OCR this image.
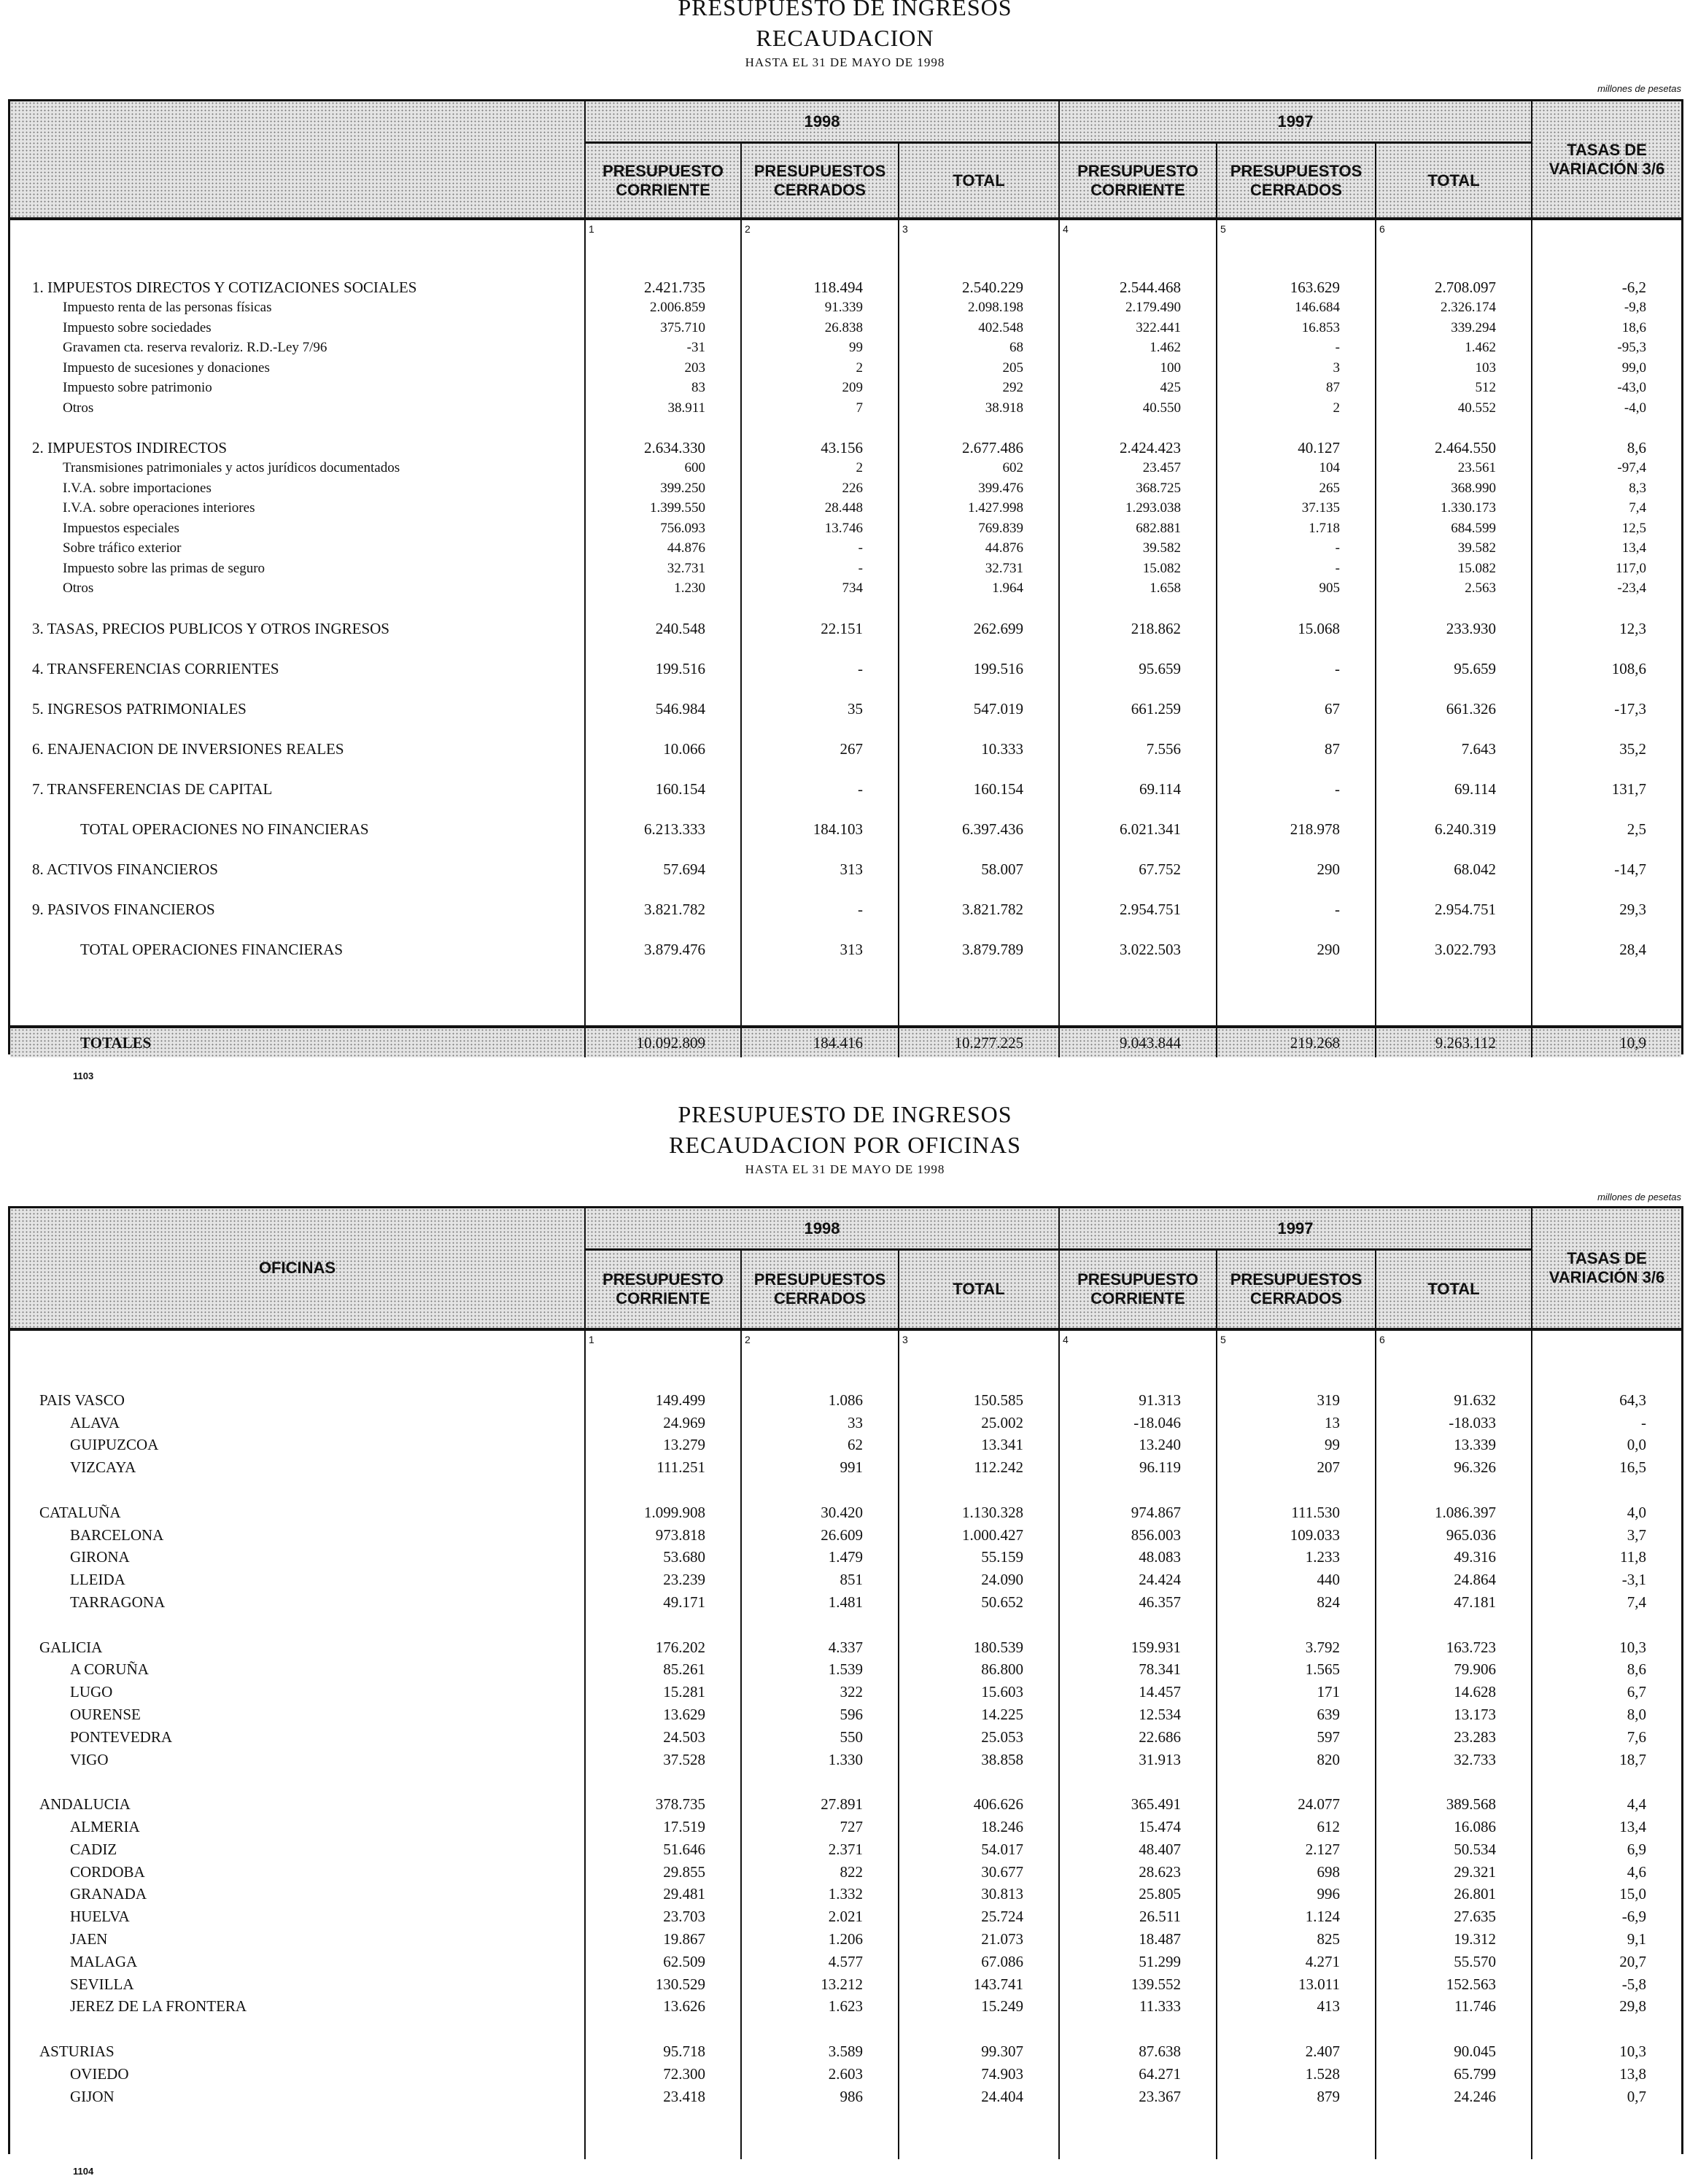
PRESUPUESTO DE INGRESOS
RECAUDACION
HASTA EL 31 DE MAYO DE 1998
millones de pesetas
1998	1997
TASAS DE VARIACIÓN 3/6
PRESUPUESTO CORRIENTE
PRESUPUESTOS CERRADOS
TOTAL
PRESUPUESTO CORRIENTE
PRESUPUESTOS CERRADOS
TOTAL
1	2	3	4	5	6
1. IMPUESTOS DIRECTOS Y COTIZACIONES SOCIALES	2.421.735	118.494	2.540.229	2.544.468	163.629	2.708.097	-6,2
Impuesto renta de las personas físicas	2.006.859	91.339	2.098.198	2.179.490	146.684	2.326.174	-9,8
Impuesto sobre sociedades	375.710	26.838	402.548	322.441	16.853	339.294	18,6
Gravamen cta. reserva revaloriz. R.D.-Ley 7/96	-31	99	68	1.462	-	1.462	-95,3
Impuesto de sucesiones y donaciones	203	2	205	100	3	103	99,0
Impuesto sobre patrimonio	83	209	292	425	87	512	-43,0
Otros	38.911	7	38.918	40.550	2	40.552	-4,0
2. IMPUESTOS INDIRECTOS	2.634.330	43.156	2.677.486	2.424.423	40.127	2.464.550	8,6
Transmisiones patrimoniales y actos jurídicos documentados	600	2	602	23.457	104	23.561	-97,4
I.V.A. sobre importaciones	399.250	226	399.476	368.725	265	368.990	8,3
I.V.A. sobre operaciones interiores	1.399.550	28.448	1.427.998	1.293.038	37.135	1.330.173	7,4
Impuestos especiales	756.093	13.746	769.839	682.881	1.718	684.599	12,5
Sobre tráfico exterior	44.876	-	44.876	39.582	-	39.582	13,4
Impuesto sobre las primas de seguro	32.731	-	32.731	15.082	-	15.082	117,0
Otros	1.230	734	1.964	1.658	905	2.563	-23,4
3. TASAS, PRECIOS PUBLICOS Y OTROS INGRESOS	240.548	22.151	262.699	218.862	15.068	233.930	12,3
4. TRANSFERENCIAS CORRIENTES	199.516	-	199.516	95.659	-	95.659	108,6
5. INGRESOS PATRIMONIALES	546.984	35	547.019	661.259	67	661.326	-17,3
6. ENAJENACION DE INVERSIONES REALES	10.066	267	10.333	7.556	87	7.643	35,2
7. TRANSFERENCIAS DE CAPITAL	160.154	-	160.154	69.114	-	69.114	131,7
TOTAL OPERACIONES NO FINANCIERAS	6.213.333	184.103	6.397.436	6.021.341	218.978	6.240.319	2,5
8. ACTIVOS FINANCIEROS	57.694	313	58.007	67.752	290	68.042	-14,7
9. PASIVOS FINANCIEROS	3.821.782	-	3.821.782	2.954.751	-	2.954.751	29,3
TOTAL OPERACIONES FINANCIERAS	3.879.476	313	3.879.789	3.022.503	290	3.022.793	28,4
TOTALES	10.092.809	184.416	10.277.225	9.043.844	219.268	9.263.112	10,9
1103
PRESUPUESTO DE INGRESOS
RECAUDACION POR OFICINAS
HASTA EL 31 DE MAYO DE 1998
millones de pesetas
OFICINAS
1998	1997
TASAS DE VARIACIÓN 3/6
PRESUPUESTO CORRIENTE
PRESUPUESTOS CERRADOS
TOTAL
PRESUPUESTO CORRIENTE
PRESUPUESTOS CERRADOS
TOTAL
1	2	3	4	5	6
PAIS VASCO	149.499	1.086	150.585	91.313	319	91.632	64,3
ALAVA	24.969	33	25.002	-18.046	13	-18.033	-
GUIPUZCOA	13.279	62	13.341	13.240	99	13.339	0,0
VIZCAYA	111.251	991	112.242	96.119	207	96.326	16,5
CATALUÑA	1.099.908	30.420	1.130.328	974.867	111.530	1.086.397	4,0
BARCELONA	973.818	26.609	1.000.427	856.003	109.033	965.036	3,7
GIRONA	53.680	1.479	55.159	48.083	1.233	49.316	11,8
LLEIDA	23.239	851	24.090	24.424	440	24.864	-3,1
TARRAGONA	49.171	1.481	50.652	46.357	824	47.181	7,4
GALICIA	176.202	4.337	180.539	159.931	3.792	163.723	10,3
A CORUÑA	85.261	1.539	86.800	78.341	1.565	79.906	8,6
LUGO	15.281	322	15.603	14.457	171	14.628	6,7
OURENSE	13.629	596	14.225	12.534	639	13.173	8,0
PONTEVEDRA	24.503	550	25.053	22.686	597	23.283	7,6
VIGO	37.528	1.330	38.858	31.913	820	32.733	18,7
ANDALUCIA	378.735	27.891	406.626	365.491	24.077	389.568	4,4
ALMERIA	17.519	727	18.246	15.474	612	16.086	13,4
CADIZ	51.646	2.371	54.017	48.407	2.127	50.534	6,9
CORDOBA	29.855	822	30.677	28.623	698	29.321	4,6
GRANADA	29.481	1.332	30.813	25.805	996	26.801	15,0
HUELVA	23.703	2.021	25.724	26.511	1.124	27.635	-6,9
JAEN	19.867	1.206	21.073	18.487	825	19.312	9,1
MALAGA	62.509	4.577	67.086	51.299	4.271	55.570	20,7
SEVILLA	130.529	13.212	143.741	139.552	13.011	152.563	-5,8
JEREZ DE LA FRONTERA	13.626	1.623	15.249	11.333	413	11.746	29,8
ASTURIAS	95.718	3.589	99.307	87.638	2.407	90.045	10,3
OVIEDO	72.300	2.603	74.903	64.271	1.528	65.799	13,8
GIJON	23.418	986	24.404	23.367	879	24.246	0,7
1104
